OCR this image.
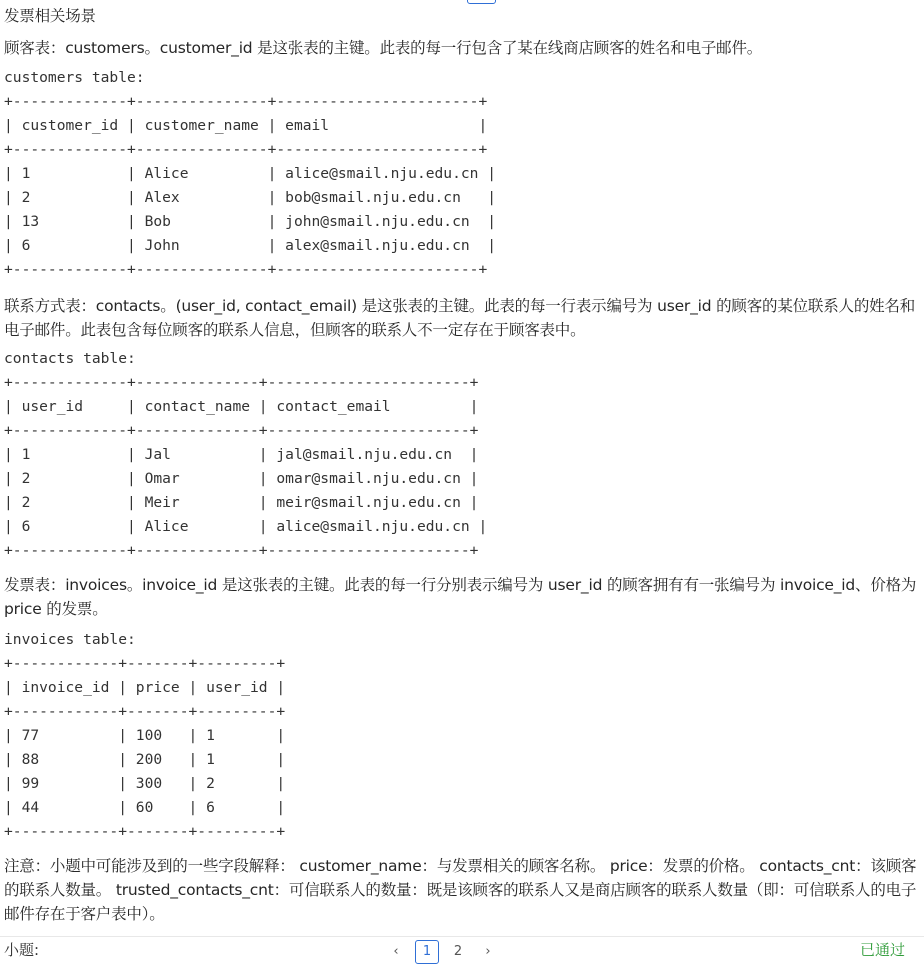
发票相关场景
顾客表：customers。customer_id 是这张表的主键。此表的每一行包含了某在线商店顾客的姓名和电子邮件。
customers table:
+-------------+---------------+-----------------------+
| customer_id | customer_name | email                 |
+-------------+---------------+-----------------------+
| 1           | Alice         | alice@smail.nju.edu.cn |
| 2           | Alex          | bob@smail.nju.edu.cn   |
| 13          | Bob           | john@smail.nju.edu.cn  |
| 6           | John          | alex@smail.nju.edu.cn  |
+-------------+---------------+-----------------------+
联系方式表：contacts。(user_id, contact_email) 是这张表的主键。此表的每一行表示编号为 user_id 的顾客的某位联系人的姓名和电子邮件。此表包含每位顾客的联系人信息，但顾客的联系人不一定存在于顾客表中。
contacts table:
+-------------+--------------+-----------------------+
| user_id     | contact_name | contact_email         |
+-------------+--------------+-----------------------+
| 1           | Jal          | jal@smail.nju.edu.cn  |
| 2           | Omar         | omar@smail.nju.edu.cn |
| 2           | Meir         | meir@smail.nju.edu.cn |
| 6           | Alice        | alice@smail.nju.edu.cn |
+-------------+--------------+-----------------------+
发票表：invoices。invoice_id 是这张表的主键。此表的每一行分别表示编号为 user_id 的顾客拥有有一张编号为 invoice_id、价格为 price 的发票。
invoices table:
+------------+-------+---------+
| invoice_id | price | user_id |
+------------+-------+---------+
| 77         | 100   | 1       |
| 88         | 200   | 1       |
| 99         | 300   | 2       |
| 44         | 60    | 6       |
+------------+-------+---------+
注意：小题中可能涉及到的一些字段解释： customer_name：与发票相关的顾客名称。 price：发票的价格。 contacts_cnt：该顾客的联系人数量。 trusted_contacts_cnt：可信联系人的数量：既是该顾客的联系人又是商店顾客的联系人数量（即：可信联系人的电子邮件存在于客户表中）。
小题:	‹	1	2	›	已通过
